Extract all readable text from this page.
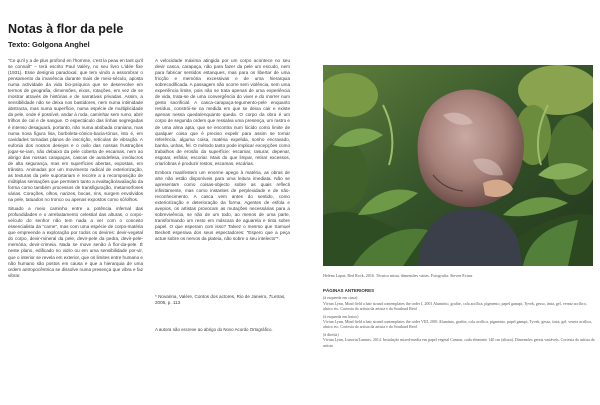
Notas à flor da pele
Texto: Golgona Anghel

“Ce qu'il y a de plus profond en l'homme, c'est la peau en tant qu'il se connaît” – terá escrito Paul Valéry, no seu livro L'idée fixe (1931). Esse desígnio paradoxal, que tem vindo a assombrar o pensamento da imanência durante mais de meio-século, aposta numa actividade da vida bio-psíquica que se desenvolve em termos de geografia, dimensões, eixos, rotações, em vez de se mostrar através de histórias e de narrativas privadas. Assim, a sensibilidade não se deixa nos bastidores, nem numa intimidade abstracta, mas numa superfície, numa espécie de multiplicidade da pele, onde é possível, andar à roda, caminhar sem rumo, abrir trilhos de cal e de sangue. O espectáculo das linhas segregadas é intenso desaguará, portanto, não numa abóbada craniana, mas numa nova figura lisa, borboleta-cónico-bacia-tónus, isto é, em cavidades tornadas planos de inscrição, retículas de vibração. A eufonia dos nossos desejos e o ovilo das nossas frustrações jogar-se-iam, não debaixo da pele coberta de escamas, nem ao abrigo das nossas carapaças, cascas de autodefesa, invólucros de alta segurança, mas em superfícies abertas, expostas, em trânsito. Animadas por um movimento radical de exteriorização, as texturas da pele suportariam e recorre a a recomposição de múltiplas sensações que permitem tanto a evaltação/avaliação da forma como também processos de transfiguração, metamorfoses várias. Corações, olhos, narizes, bocas, rins, surgem envolvidos na pele, tatuados no tronco ou apenas expostos como só/olhos.

Situado a meio caminho entre a potência infernal das profundidades e o arrebatamento celestial das alturas, o corpo-veículo do senhor não tem nada a ver com o conceito essencialista da “carne”, mas com uma espécie de corpo-matéria que empreende a exploração por todos os devires: devir-vegetal do corpo, devir-mineral da pele, devir-pele da pedra, devir-pele-memória, devir-crimeia. Nada se move senão à flor-da-pele. É neste plano, edificado no vidro ou em uma sensibilidade por-vir, que o interior se revela em exterior, que os limites entre humano e não humano são postos em causa e que a hierarquia de uma ordem antropocêntrica se dissolve numa presença que vibra e faz vibrar.

A velocidade máxima atingida por um corpo acontece no seu devir casca, carapaça, não para fazer da pele um escudo, nem para fabricar sentidos estanques, mas para os libertar de uma fricção e memória excessivas e de uma hierarquia sobrecodificada. A passagem não ocorre sem violência, sem uma experiência limite, pois não se trata apenas de uma experiência de vida, trata-se de uma convergência do viver e do morrer num gesto sacrificial. A casca-carapaça-tegumento-pele enquanto resíduo, constrói-se na medida em que se deixa cair e existe apenas nessa queda/enquanto queda. O corpo da obra é um corpo de segunda ordem que ressalva uma presença, um rastro e de uma alma apta, que se encontra num lúcido como limite de qualquer coisa que é preciso expelir para assim se tornar referência, alguma coisa, matéria expelida, sonho encravado, banha, unhas, fel. O método tanto pode implicar excepções como trabalhos de erosão da superfície: escamar, rasurar, depenar, esgotar, esfolar, escoriar. Mais do que limpar, retirar excessos, criar/obras é produzir restos, escamas, escárias.

Embora manifestem um enorme apego à matéria, as obras de arte não estão disponíveis para uma leitura imediata. Não se apresentam como coisas-objecto sobre as quais reflecti infinitamente, mas como instantes de perplexidade e de não-reconhecimento. A casca vem antes do sentido, como exteriorização e deterioração da forma. Agentes de esfola e avepios, os artistas provocam as mutações necessárias para a sobrevivência, se não de um todo, ao menos de uma parte, transformando um resto em máscara de aguarela e tinta sobre papel. O que esperam com isso? Talvez o mesmo que Samuel Beckett esperava dos seus espectadores: “Espero que a peça actue sobre os nervos da plateia, não sobre o seu intelecto”*.

* Novarina, Valère, Contos dos actores, Rio de Janeiro, 7Letras, 2005, p. 113

A autora não escreve ao abrigo do Novo Acordo Ortográfico.
Helena Lapas, Red Rock, 2016. Técnica mista, dimensões várias. Fotografia: Steven Evans
PÁGINAS ANTERIORES
(à esquerda em cima)
Vivian Lynn, Mind field a hair strand contemplates the order I, 2001 Alumínio, grafite, cola acrílica, pigmento, papel ganupi, Tyvek, gesso, tinta, gel, verniz acrílico, alnico etc. Cortesia do artista da artista e da Southard Reid
(à esquerda em baixo)
Vivian Lynn, Mind field a hair strand contemplates the order VIII, 2001 Alumínio, grafite, cola acrílica, pigmento, papel ganupi, Tyvek, gesso, tinta, gel, verniz acrílico, alnico etc. Cortesia do artista da artista e da Southard Reid
(à direita)
Vivian Lynn, Lunoria/Lumins, 2014. Instalação mixed-media em papel vegetal Canson, cada elemento 140 cm (altura). Dimensões gerais variáveis. Cortesia do artista da artista
